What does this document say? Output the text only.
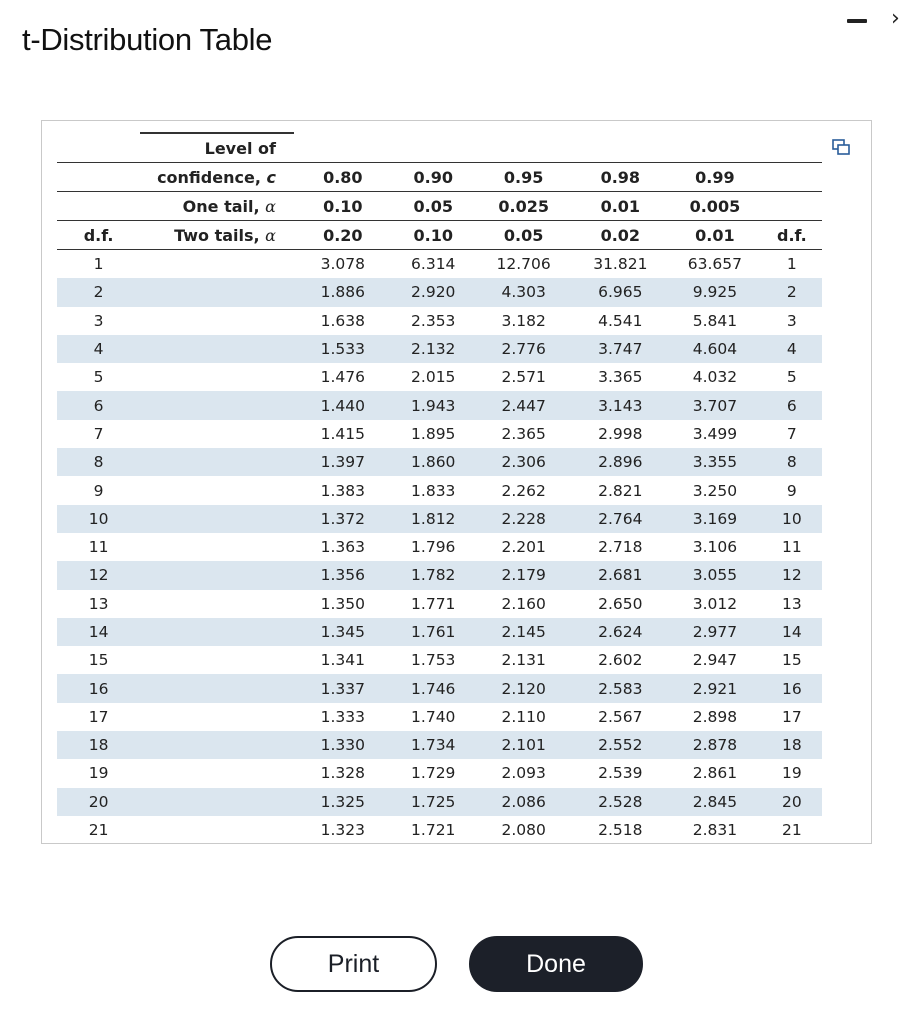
t-Distribution Table
›
	Level of						
	confidence, c	0.80	0.90	0.95	0.98	0.99	
	One tail, α	0.10	0.05	0.025	0.01	0.005	
d.f.	Two tails, α	0.20	0.10	0.05	0.02	0.01	d.f.
1		3.078	6.314	12.706	31.821	63.657	1
2		1.886	2.920	4.303	6.965	9.925	2
3		1.638	2.353	3.182	4.541	5.841	3
4		1.533	2.132	2.776	3.747	4.604	4
5		1.476	2.015	2.571	3.365	4.032	5
6		1.440	1.943	2.447	3.143	3.707	6
7		1.415	1.895	2.365	2.998	3.499	7
8		1.397	1.860	2.306	2.896	3.355	8
9		1.383	1.833	2.262	2.821	3.250	9
10		1.372	1.812	2.228	2.764	3.169	10
11		1.363	1.796	2.201	2.718	3.106	11
12		1.356	1.782	2.179	2.681	3.055	12
13		1.350	1.771	2.160	2.650	3.012	13
14		1.345	1.761	2.145	2.624	2.977	14
15		1.341	1.753	2.131	2.602	2.947	15
16		1.337	1.746	2.120	2.583	2.921	16
17		1.333	1.740	2.110	2.567	2.898	17
18		1.330	1.734	2.101	2.552	2.878	18
19		1.328	1.729	2.093	2.539	2.861	19
20		1.325	1.725	2.086	2.528	2.845	20
21		1.323	1.721	2.080	2.518	2.831	21
Print	Done
